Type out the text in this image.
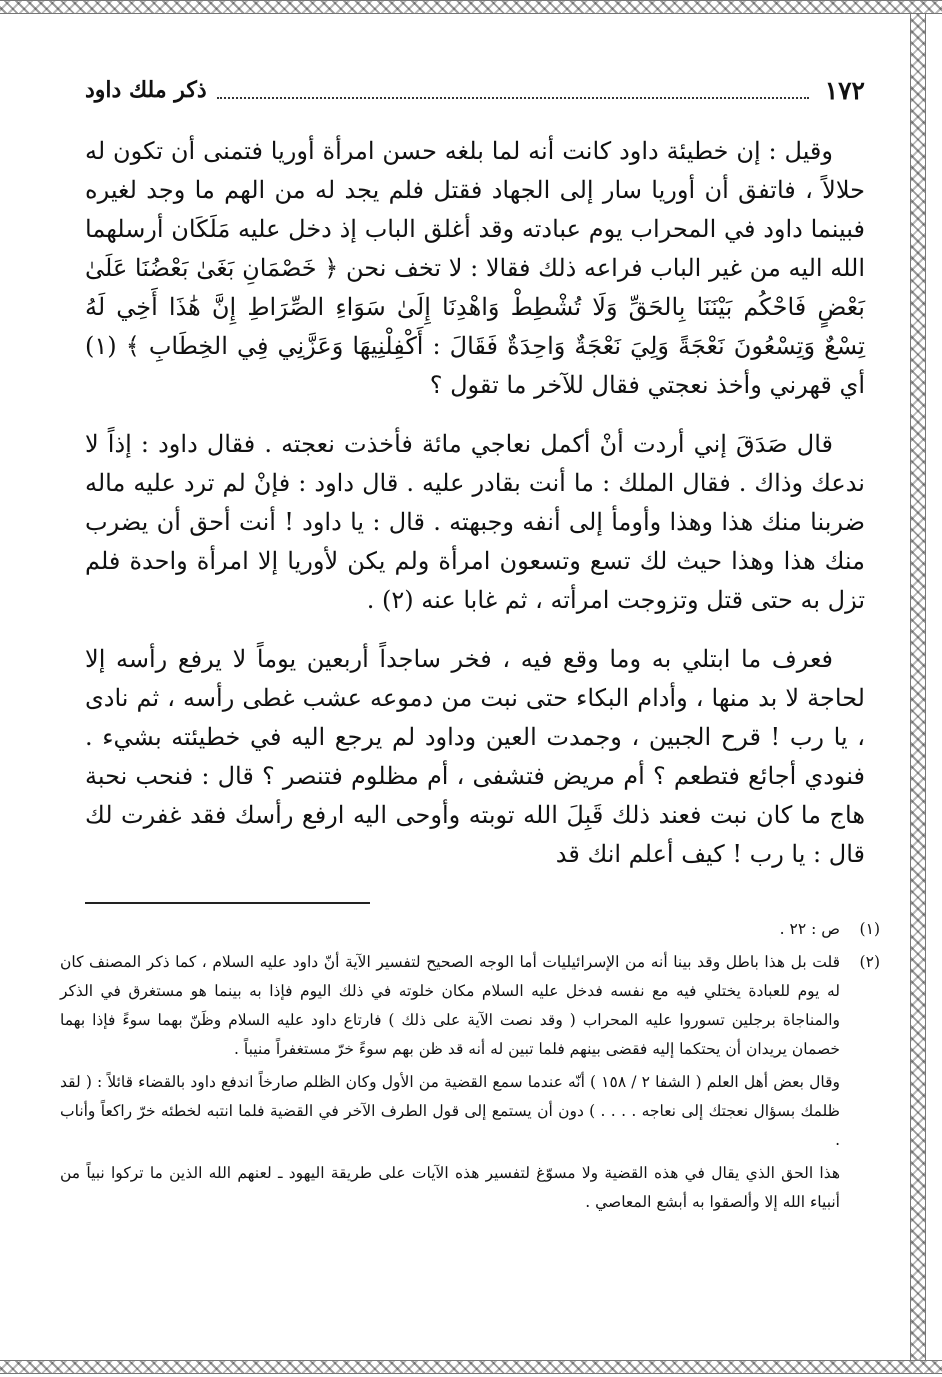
١٧٢
ذكر ملك داود

وقيل : إن خطيئة داود كانت أنه لما بلغه حسن امرأة أوريا فتمنى أن تكون له حلالاً ، فاتفق أن أوريا سار إلى الجهاد فقتل فلم يجد له من الهم ما وجد لغيره فبينما داود في المحراب يوم عبادته وقد أغلق الباب إذ دخل عليه مَلَكَان أرسلهما الله اليه من غير الباب فراعه ذلك فقالا : لا تخف نحن ﴿ خَصْمَانِ بَغَىٰ بَعْضُنَا عَلَىٰ بَعْضٍ فَاحْكُم بَيْنَنَا بِالحَقِّ وَلَا تُشْطِطْ وَاهْدِنَا إِلَىٰ سَوَاءِ الصِّرَاطِ إِنَّ هَٰذَا أَخِي لَهُ تِسْعٌ وَتِسْعُونَ نَعْجَةً وَلِيَ نَعْجَةٌ وَاحِدَةٌ فَقَالَ : أَكْفِلْنِيهَا وَعَزَّنِي فِي الخِطَابِ ﴾ (١) أي قهرني وأخذ نعجتي فقال للآخر ما تقول ؟

قال صَدَقَ إني أردت أنْ أكمل نعاجي مائة فأخذت نعجته . فقال داود : إذاً لا ندعك وذاك . فقال الملك : ما أنت بقادر عليه . قال داود : فإنْ لم ترد عليه ماله ضربنا منك هذا وهذا وأومأ إلى أنفه وجبهته . قال : يا داود ! أنت أحق أن يضرب منك هذا وهذا حيث لك تسع وتسعون امرأة ولم يكن لأوريا إلا امرأة واحدة فلم تزل به حتى قتل وتزوجت امرأته ، ثم غابا عنه (٢) .

فعرف ما ابتلي به وما وقع فيه ، فخر ساجداً أربعين يوماً لا يرفع رأسه إلا لحاجة لا بد منها ، وأدام البكاء حتى نبت من دموعه عشب غطى رأسه ، ثم نادى ، يا رب ! قرح الجبين ، وجمدت العين وداود لم يرجع اليه في خطيئته بشيء . فنودي أجائع فتطعم ؟ أم مريض فتشفى ، أم مظلوم فتنصر ؟ قال : فنحب نحبة هاج ما كان نبت فعند ذلك قَبِلَ الله توبته وأوحى اليه ارفع رأسك فقد غفرت لك قال : يا رب ! كيف أعلم انك قد

(١)
ص : ٢٢ .
(٢)
قلت بل هذا باطل وقد بينا أنه من الإسرائيليات أما الوجه الصحيح لتفسير الآية أنّ داود عليه السلام ، كما ذكر المصنف كان له يوم للعبادة يختلي فيه مع نفسه فدخل عليه السلام مكان خلوته في ذلك اليوم فإذا به بينما هو مستغرق في الذكر والمناجاة برجلين تسوروا عليه المحراب ( وقد نصت الآية على ذلك ) فارتاع داود عليه السلام وظَنّ بهما سوءً فإذا بهما خصمان يريدان أن يحتكما إليه فقضى بينهم فلما تبين له أنه قد ظن بهم سوءً خرّ مستغفراً منيباً .
وقال بعض أهل العلم ( الشفا ٢ / ١٥٨ ) أنّه عندما سمع القضية من الأول وكان الظلم صارخاً اندفع داود بالقضاء قائلاً : ( لقد ظلمك بسؤال نعجتك إلى نعاجه . . . . ) دون أن يستمع إلى قول الطرف الآخر في القضية فلما انتبه لخطئه خرّ راكعاً وأناب .
هذا الحق الذي يقال في هذه القضية ولا مسوّغ لتفسير هذه الآيات على طريقة اليهود ـ لعنهم الله الذين ما تركوا نبياً من أنبياء الله إلا وألصقوا به أبشع المعاصي .
